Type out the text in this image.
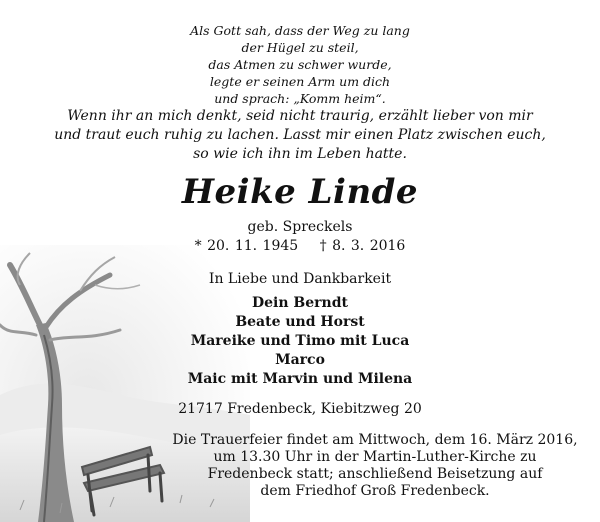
Als Gott sah, dass der Weg zu lang
der Hügel zu steil,
das Atmen zu schwer wurde,
legte er seinen Arm um dich
und sprach: „Komm heim“.
Wenn ihr an mich denkt, seid nicht traurig, erzählt lieber von mir
und traut euch ruhig zu lachen. Lasst mir einen Platz zwischen euch,
so wie ich ihn im Leben hatte.
Heike Linde
geb. Spreckels
* 20. 11. 1945 † 8. 3. 2016
In Liebe und Dankbarkeit
Dein Berndt
Beate und Horst
Mareike und Timo mit Luca
Marco
Maic mit Marvin und Milena
21717 Fredenbeck, Kiebitzweg 20
Die Trauerfeier findet am Mittwoch, dem 16. März 2016,
um 13.30 Uhr in der Martin-Luther-Kirche zu
Fredenbeck statt; anschließend Beisetzung auf
dem Friedhof Groß Fredenbeck.
